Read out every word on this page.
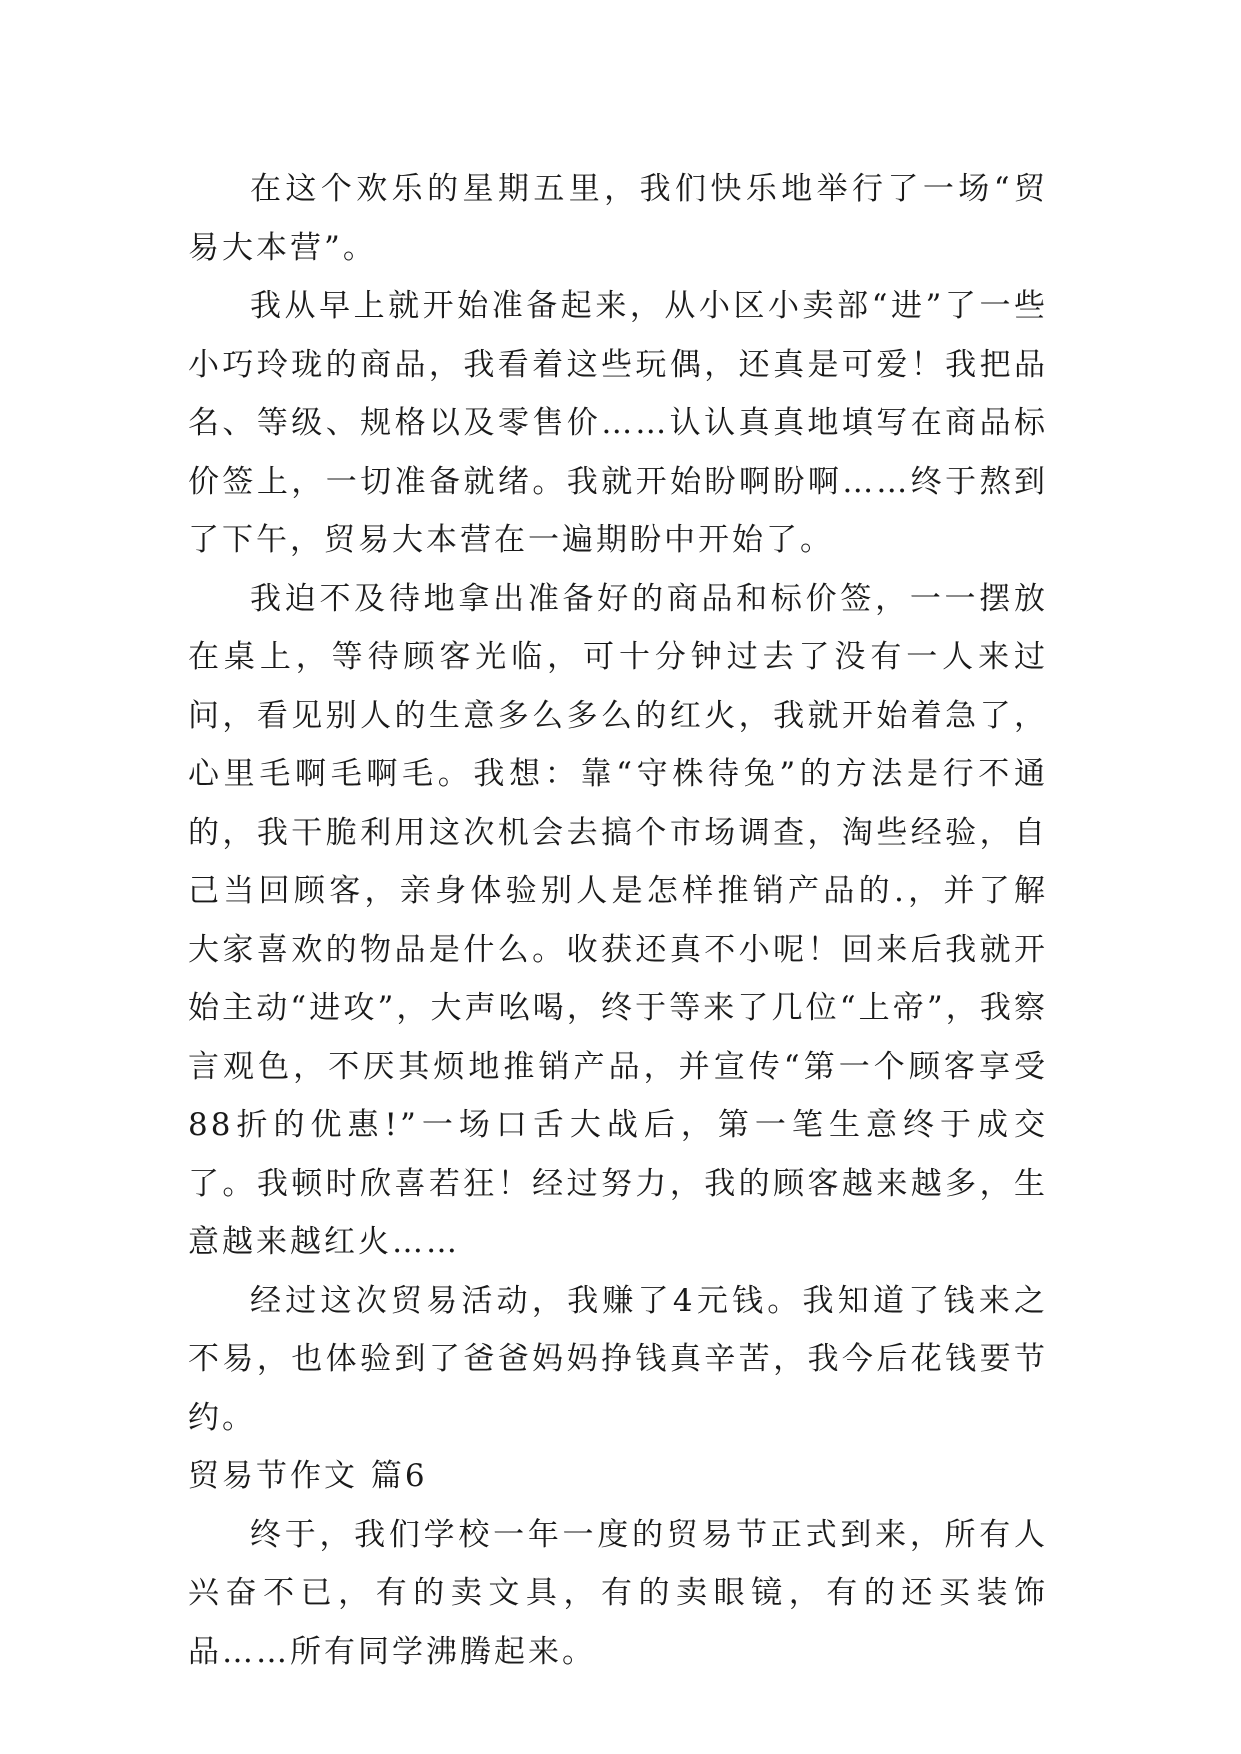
在这个欢乐的星期五里，我们快乐地举行了一场“贸易大本营”。

我从早上就开始准备起来，从小区小卖部“进”了一些小巧玲珑的商品，我看着这些玩偶，还真是可爱！我把品名、等级、规格以及零售价……认认真真地填写在商品标价签上，一切准备就绪。我就开始盼啊盼啊……终于熬到了下午，贸易大本营在一遍期盼中开始了。

我迫不及待地拿出准备好的商品和标价签，一一摆放在桌上，等待顾客光临，可十分钟过去了没有一人来过问，看见别人的生意多么多么的红火，我就开始着急了，心里毛啊毛啊毛。我想：靠“守株待兔”的方法是行不通的，我干脆利用这次机会去搞个市场调查，淘些经验，自己当回顾客，亲身体验别人是怎样推销产品的.，并了解大家喜欢的物品是什么。收获还真不小呢！回来后我就开始主动“进攻”，大声吆喝，终于等来了几位“上帝”，我察言观色，不厌其烦地推销产品，并宣传“第一个顾客享受88折的优惠!”一场口舌大战后，第一笔生意终于成交了。我顿时欣喜若狂！经过努力，我的顾客越来越多，生意越来越红火……

经过这次贸易活动，我赚了4元钱。我知道了钱来之不易，也体验到了爸爸妈妈挣钱真辛苦，我今后花钱要节约。

贸易节作文 篇6

终于，我们学校一年一度的贸易节正式到来，所有人兴奋不已，有的卖文具，有的卖眼镜，有的还买装饰品……所有同学沸腾起来。
